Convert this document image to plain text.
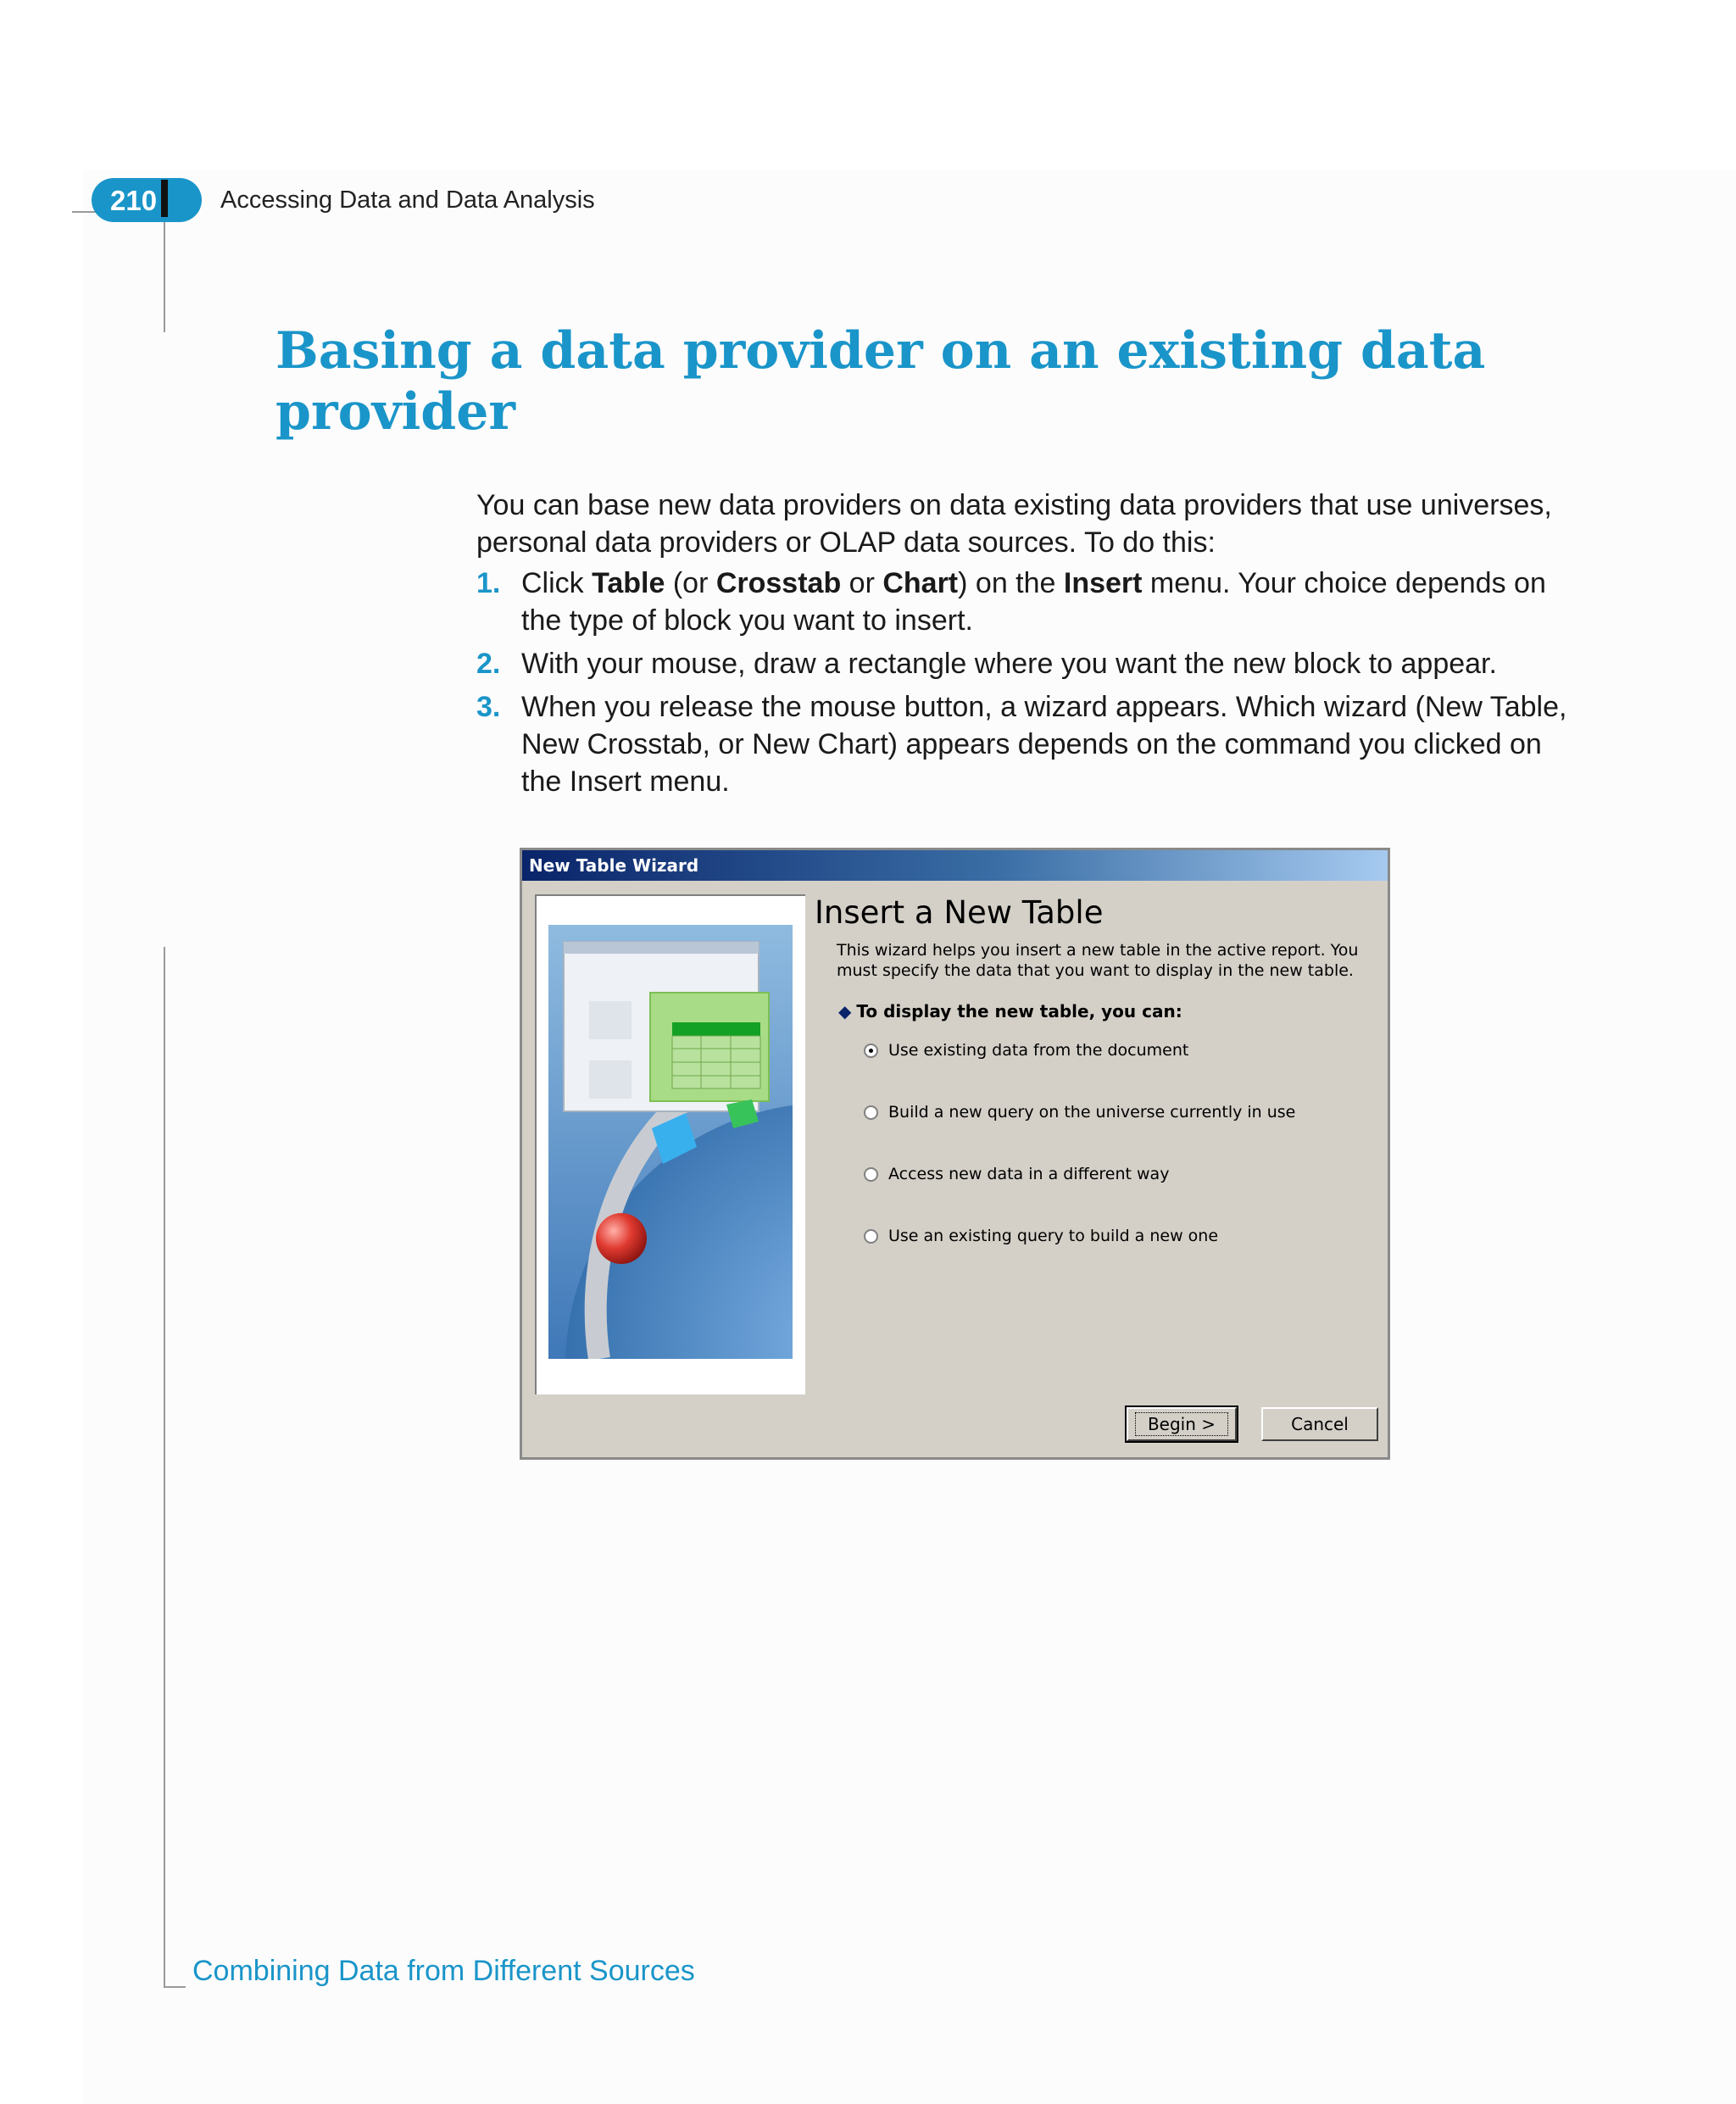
210	Accessing Data and Data Analysis
Basing a data provider on an existing data provider

You can base new data providers on data existing data providers that use universes, personal data providers or OLAP data sources. To do this:

1. Click Table (or Crosstab or Chart) on the Insert menu. Your choice depends on the type of block you want to insert.
2. With your mouse, draw a rectangle where you want the new block to appear.
3. When you release the mouse button, a wizard appears. Which wizard (New Table, New Crosstab, or New Chart) appears depends on the command you clicked on the Insert menu.
New Table Wizard
Insert a New Table

This wizard helps you insert a new table in the active report. You must specify the data that you want to display in the new table.

◆ To display the new table, you can:
Use existing data from the document
Build a new query on the universe currently in use
Access new data in a different way
Use an existing query to build a new one
Begin >	Cancel
Combining Data from Different Sources
